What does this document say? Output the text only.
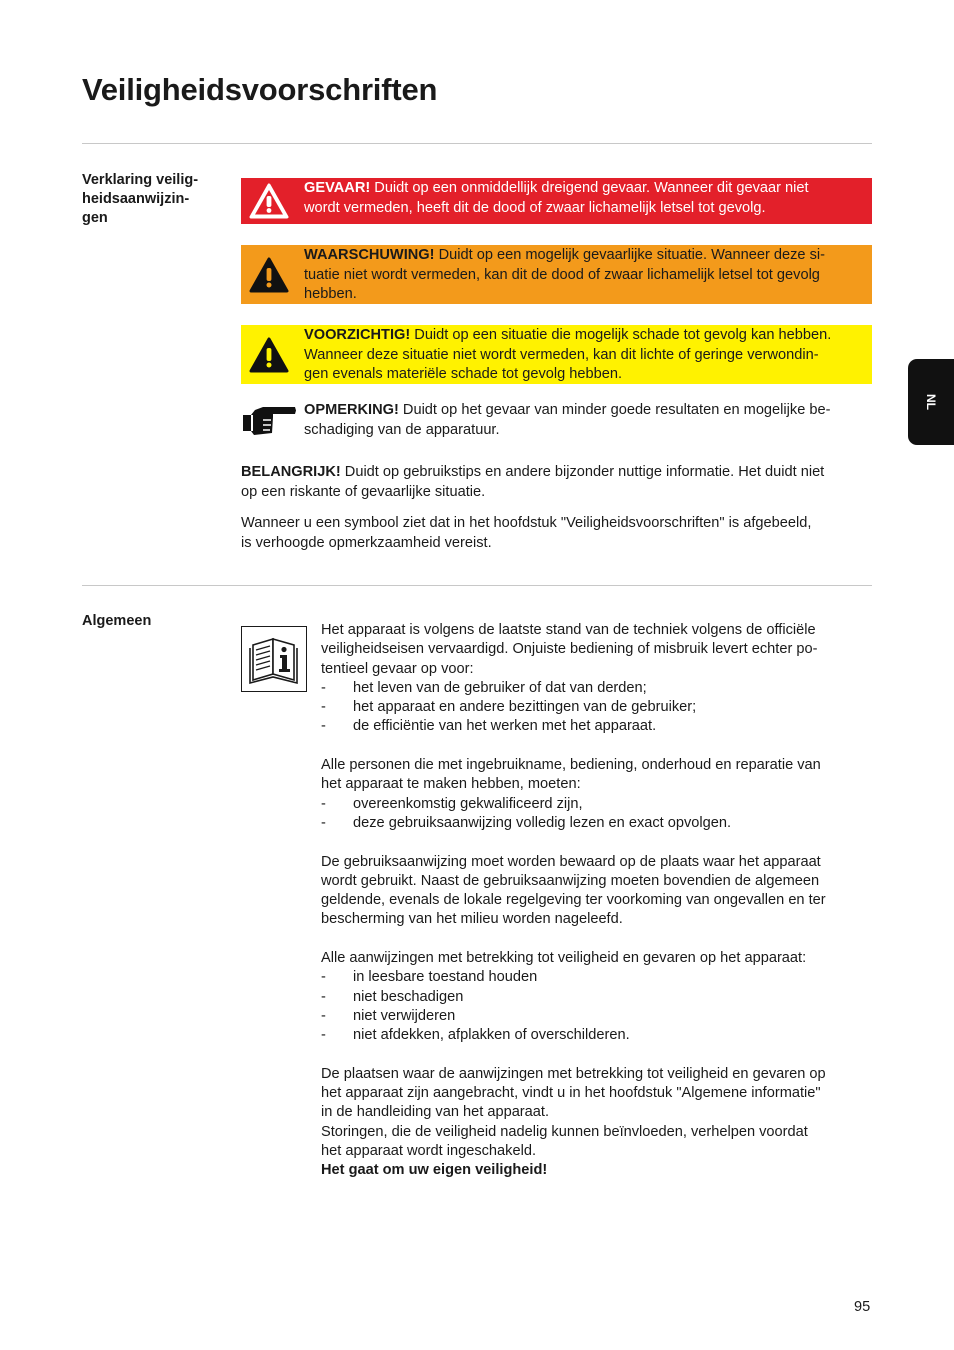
Veiligheidsvoorschriften
NL
Verklaring veilig-
heidsaanwijzin-
gen
GEVAAR! Duidt op een onmiddellijk dreigend gevaar. Wanneer dit gevaar niet
wordt vermeden, heeft dit de dood of zwaar lichamelijk letsel tot gevolg.
WAARSCHUWING! Duidt op een mogelijk gevaarlijke situatie. Wanneer deze si-
tuatie niet wordt vermeden, kan dit de dood of zwaar lichamelijk letsel tot gevolg
hebben.
VOORZICHTIG! Duidt op een situatie die mogelijk schade tot gevolg kan hebben.
Wanneer deze situatie niet wordt vermeden, kan dit lichte of geringe verwondin-
gen evenals materiële schade tot gevolg hebben.
OPMERKING! Duidt op het gevaar van minder goede resultaten en mogelijke be-
schadiging van de apparatuur.
BELANGRIJK! Duidt op gebruikstips en andere bijzonder nuttige informatie. Het duidt niet
op een riskante of gevaarlijke situatie.
Wanneer u een symbool ziet dat in het hoofdstuk "Veiligheidsvoorschriften" is afgebeeld,
is verhoogde opmerkzaamheid vereist.
Algemeen

Het apparaat is volgens de laatste stand van de techniek volgens de officiële

veiligheidseisen vervaardigd. Onjuiste bediening of misbruik levert echter po-

tentieel gevaar op voor:

-	het leven van de gebruiker of dat van derden;
-	het apparaat en andere bezittingen van de gebruiker;
-	de efficiëntie van het werken met het apparaat.

Alle personen die met ingebruikname, bediening, onderhoud en reparatie van

het apparaat te maken hebben, moeten:

-	overeenkomstig gekwalificeerd zijn,
-	deze gebruiksaanwijzing volledig lezen en exact opvolgen.

De gebruiksaanwijzing moet worden bewaard op de plaats waar het apparaat

wordt gebruikt. Naast de gebruiksaanwijzing moeten bovendien de algemeen

geldende, evenals de lokale regelgeving ter voorkoming van ongevallen en ter

bescherming van het milieu worden nageleefd.

Alle aanwijzingen met betrekking tot veiligheid en gevaren op het apparaat:

-	in leesbare toestand houden
-	niet beschadigen
-	niet verwijderen
-	niet afdekken, afplakken of overschilderen.

De plaatsen waar de aanwijzingen met betrekking tot veiligheid en gevaren op

het apparaat zijn aangebracht, vindt u in het hoofdstuk "Algemene informatie"

in de handleiding van het apparaat.

Storingen, die de veiligheid nadelig kunnen beïnvloeden, verhelpen voordat

het apparaat wordt ingeschakeld.

Het gaat om uw eigen veiligheid!

95
